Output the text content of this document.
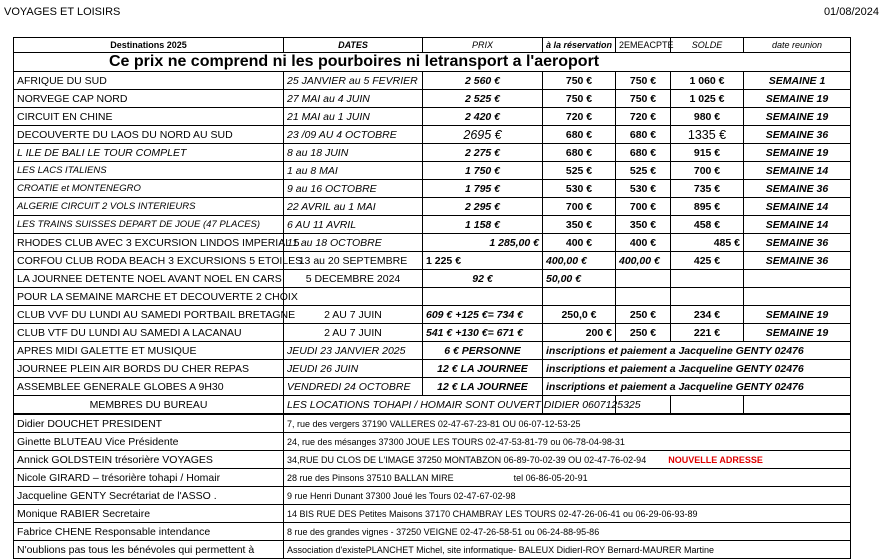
VOYAGES ET LOISIRS	01/08/2024
Destinations 2025	DATES	PRIX	à la réservation	2EMEACPTE	SOLDE	date reunion
Ce prix ne comprend ni les pourboires ni letransport a l'aeroport						
AFRIQUE DU SUD	25 JANVIER au 5 FEVRIER	2 560 €	750 €	750 €	1 060 €	SEMAINE 1
NORVEGE CAP NORD	27 MAI au 4 JUIN	2 525 €	750 €	750 €	1 025 €	SEMAINE 19
CIRCUIT EN CHINE	21 MAI au 1 JUIN	2 420 €	720 €	720 €	980 €	SEMAINE 19
DECOUVERTE DU LAOS DU NORD AU SUD	23 /09 AU 4 OCTOBRE	2695 €	680 €	680 €	1335 €	SEMAINE 36
L ILE DE BALI LE TOUR COMPLET	8 au 18 JUIN	2 275 €	680 €	680 €	915 €	SEMAINE 19
LES LACS ITALIENS	1 au 8 MAI	1 750 €	525 €	525 €	700 €	SEMAINE 14
CROATIE et MONTENEGRO	9 au 16 OCTOBRE	1 795 €	530 €	530 €	735 €	SEMAINE 36
ALGERIE CIRCUIT 2 VOLS INTERIEURS	22 AVRIL au 1 MAI	2 295 €	700 €	700 €	895 €	SEMAINE 14
LES TRAINS SUISSES DEPART DE JOUE (47 PLACES)	6 AU 11 AVRIL	1 158 €	350 €	350 €	458 €	SEMAINE 14
RHODES CLUB AVEC 3 EXCURSION LINDOS IMPERIAL 5	11 au 18 OCTOBRE	1 285,00 €	400 €	400 €	485 €	SEMAINE 36
CORFOU CLUB RODA BEACH 3 EXCURSIONS 5 ETOILES	13 au 20 SEPTEMBRE	1 225 €	400,00 €	400,00 €	425 €	SEMAINE 36
LA JOURNEE DETENTE NOEL AVANT NOEL EN CARS	5 DECEMBRE 2024	92 €	50,00 €			
POUR LA SEMAINE MARCHE ET DECOUVERTE 2 CHOIX						
CLUB VVF DU LUNDI AU SAMEDI PORTBAIL BRETAGNE	2 AU 7 JUIN	609 € +125 €= 734 €	250,0 €	250 €	234 €	SEMAINE 19
CLUB VTF DU LUNDI AU SAMEDI A LACANAU	2 AU 7 JUIN	541 € +130 €= 671 €	200 €	250 €	221 €	SEMAINE 19
APRES MIDI GALETTE ET MUSIQUE	JEUDI 23 JANVIER 2025	6 € PERSONNE	inscriptions et paiement a Jacqueline GENTY 02476			
JOURNEE PLEIN AIR BORDS DU CHER REPAS	JEUDI 26 JUIN	12 € LA JOURNEE	inscriptions et paiement a Jacqueline GENTY 02476			
ASSEMBLEE GENERALE GLOBES A 9H30	VENDREDI 24 OCTOBRE	12 € LA JOURNEE	inscriptions et paiement a Jacqueline GENTY 02476			
MEMBRES DU BUREAU	LES LOCATIONS TOHAPI / HOMAIR SONT OUVERT DIDIER 0607125325					
Didier DOUCHET PRESIDENT	7, rue des vergers 37190 VALLERES 02-47-67-23-81 OU 06-07-12-53-25
Ginette BLUTEAU Vice Présidente	24, rue des mésanges 37300 JOUE LES TOURS 02-47-53-81-79 ou 06-78-04-98-31
Annick GOLDSTEIN trésorière VOYAGES	34,RUE DU CLOS DE L'IMAGE 37250 MONTABZON 06-89-70-02-39 OU 02-47-76-02-94 NOUVELLE ADRESSE
Nicole GIRARD – trésorière tohapi / Homair	28 rue des Pinsons 37510 BALLAN MIRE tel 06-86-05-20-91
Jacqueline GENTY Secrétariat de l'ASSO .	9 rue Henri Dunant 37300 Joué les Tours 02-47-67-02-98
Monique RABIER Secretaire	14 BIS RUE DES Petites Maisons 37170 CHAMBRAY LES TOURS 02-47-26-06-41 ou 06-29-06-93-89
Fabrice CHENE Responsable intendance	8 rue des grandes vignes - 37250 VEIGNE 02-47-26-58-51 ou 06-24-88-95-86
N'oublions pas tous les bénévoles qui permettent à	Association d'existePLANCHET Michel, site informatique- BALEUX DidierI-ROY Bernard-MAURER Martine
